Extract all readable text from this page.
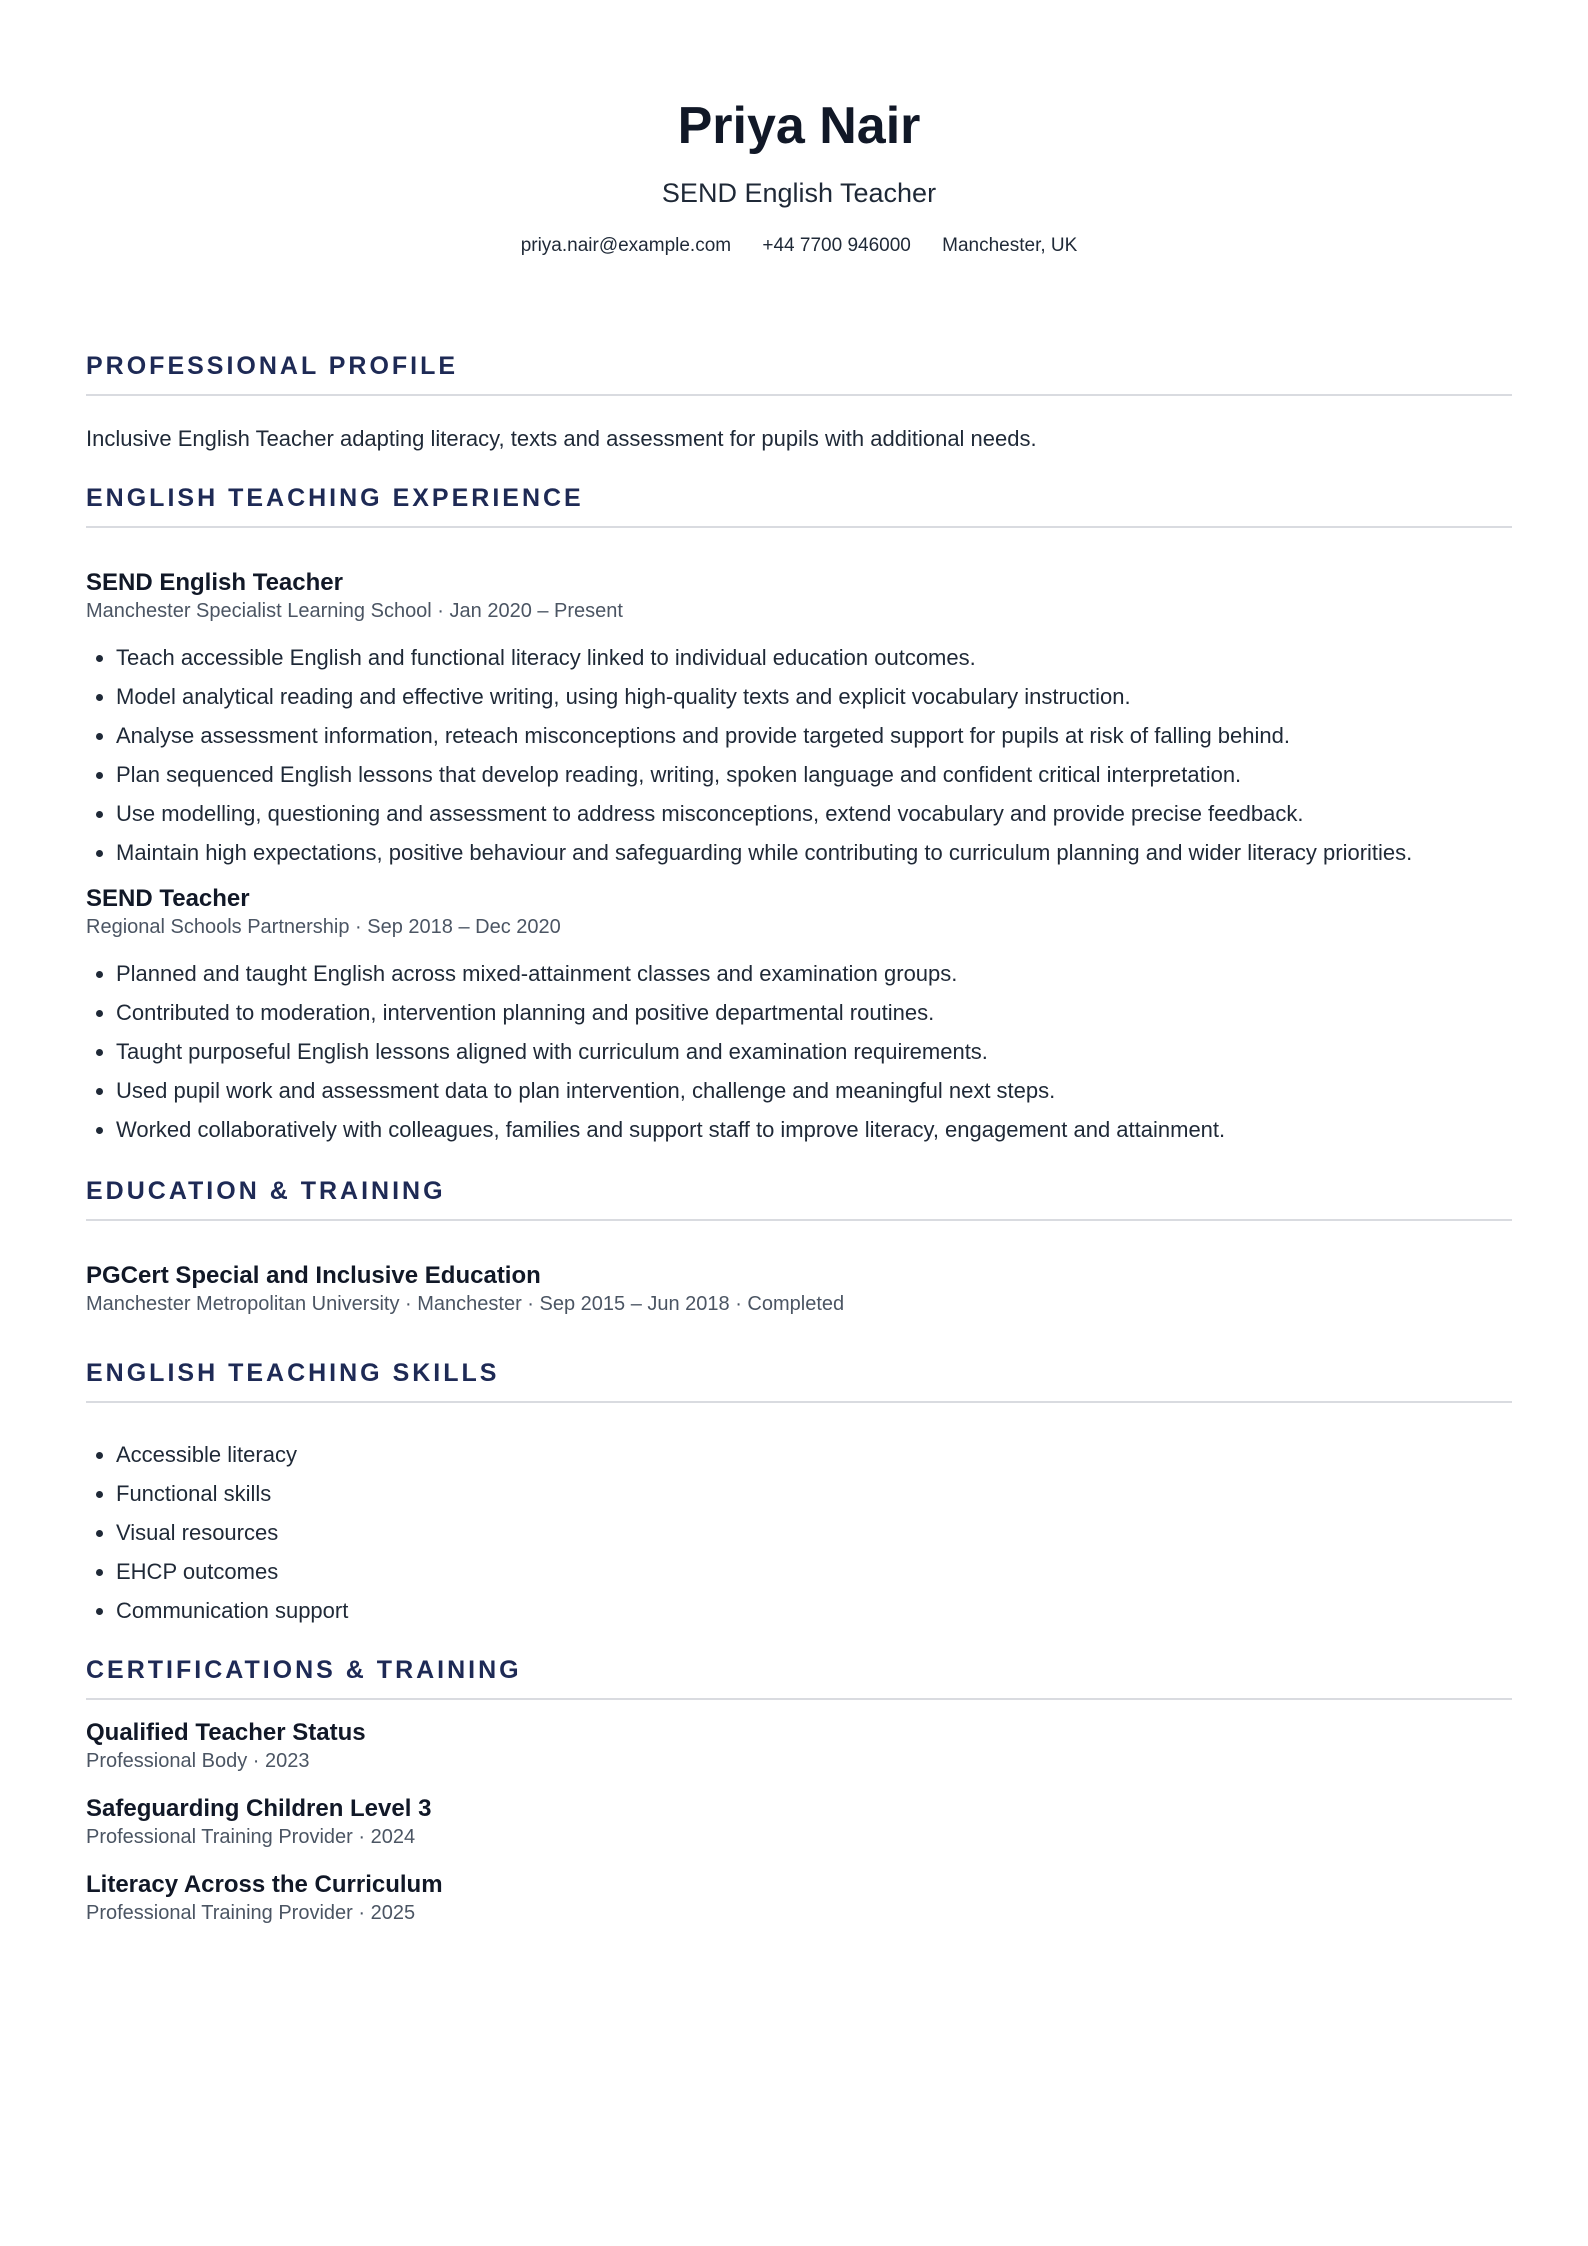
Priya Nair
SEND English Teacher
priya.nair@example.com +44 7700 946000 Manchester, UK
PROFESSIONAL PROFILE
Inclusive English Teacher adapting literacy, texts and assessment for pupils with additional needs.
ENGLISH TEACHING EXPERIENCE
SEND English Teacher
Manchester Specialist Learning School · Jan 2020 – Present
• Teach accessible English and functional literacy linked to individual education outcomes.
• Model analytical reading and effective writing, using high-quality texts and explicit vocabulary instruction.
• Analyse assessment information, reteach misconceptions and provide targeted support for pupils at risk of falling behind.
• Plan sequenced English lessons that develop reading, writing, spoken language and confident critical interpretation.
• Use modelling, questioning and assessment to address misconceptions, extend vocabulary and provide precise feedback.
• Maintain high expectations, positive behaviour and safeguarding while contributing to curriculum planning and wider literacy priorities.
SEND Teacher
Regional Schools Partnership · Sep 2018 – Dec 2020
• Planned and taught English across mixed-attainment classes and examination groups.
• Contributed to moderation, intervention planning and positive departmental routines.
• Taught purposeful English lessons aligned with curriculum and examination requirements.
• Used pupil work and assessment data to plan intervention, challenge and meaningful next steps.
• Worked collaboratively with colleagues, families and support staff to improve literacy, engagement and attainment.
EDUCATION & TRAINING
PGCert Special and Inclusive Education
Manchester Metropolitan University · Manchester · Sep 2015 – Jun 2018 · Completed
ENGLISH TEACHING SKILLS
• Accessible literacy
• Functional skills
• Visual resources
• EHCP outcomes
• Communication support
CERTIFICATIONS & TRAINING
Qualified Teacher Status
Professional Body · 2023
Safeguarding Children Level 3
Professional Training Provider · 2024
Literacy Across the Curriculum
Professional Training Provider · 2025
